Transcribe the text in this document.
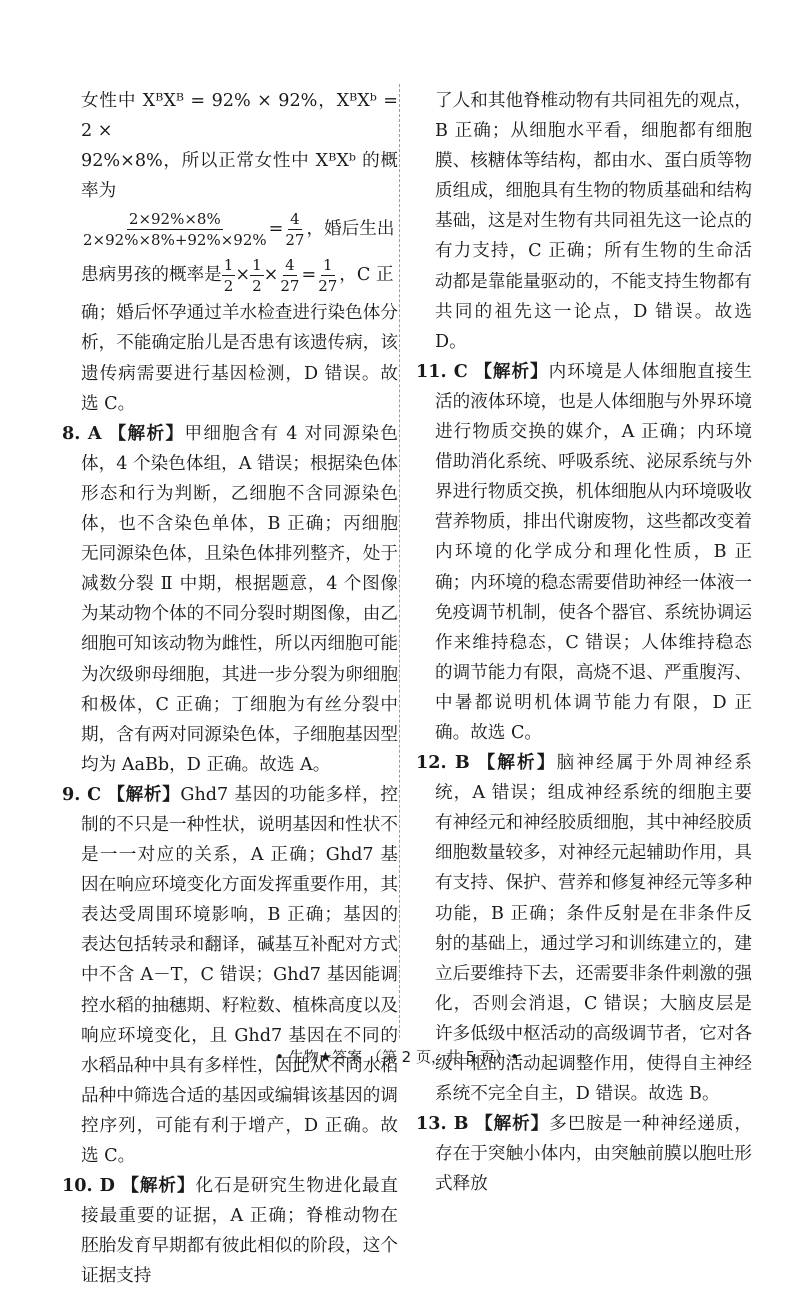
女性中 XᴮXᴮ = 92% × 92%，XᴮXᵇ = 2 ×

92%×8%，所以正常女性中 XᴮXᵇ 的概率为

$\frac{2\times 92\%\times 8\%}{2\times 92\%\times 8\%+92\%\times 92\%} = \frac{4}{27}$ ，婚后生出
患病男孩的概率是 $\frac{1}{2} \times \frac{1}{2} \times \frac{4}{27} = \frac{1}{27}$ ，C 正

确；婚后怀孕通过羊水检查进行染色体分析，不能确定胎儿是否患有该遗传病，该遗传病需要进行基因检测，D 错误。故选 C。

8. A 【解析】甲细胞含有 4 对同源染色体，4 个染色体组，A 错误；根据染色体形态和行为判断，乙细胞不含同源染色体，也不含染色单体，B 正确；丙细胞无同源染色体，且染色体排列整齐，处于减数分裂 Ⅱ 中期，根据题意，4 个图像为某动物个体的不同分裂时期图像，由乙细胞可知该动物为雌性，所以丙细胞可能为次级卵母细胞，其进一步分裂为卵细胞和极体，C 正确；丁细胞为有丝分裂中期，含有两对同源染色体，子细胞基因型均为 AaBb，D 正确。故选 A。

9. C 【解析】Ghd7 基因的功能多样，控制的不只是一种性状，说明基因和性状不是一一对应的关系，A 正确；Ghd7 基因在响应环境变化方面发挥重要作用，其表达受周围环境影响，B 正确；基因的表达包括转录和翻译，碱基互补配对方式中不含 A－T，C 错误；Ghd7 基因能调控水稻的抽穗期、籽粒数、植株高度以及响应环境变化，且 Ghd7 基因在不同的水稻品种中具有多样性，因此从不同水稻品种中筛选合适的基因或编辑该基因的调控序列，可能有利于增产，D 正确。故选 C。

10. D 【解析】化石是研究生物进化最直接最重要的证据，A 正确；脊椎动物在胚胎发育早期都有彼此相似的阶段，这个证据支持

了人和其他脊椎动物有共同祖先的观点，B 正确；从细胞水平看，细胞都有细胞膜、核糖体等结构，都由水、蛋白质等物质组成，细胞具有生物的物质基础和结构基础，这是对生物有共同祖先这一论点的有力支持，C 正确；所有生物的生命活动都是靠能量驱动的，不能支持生物都有共同的祖先这一论点，D 错误。故选 D。

11. C 【解析】内环境是人体细胞直接生活的液体环境，也是人体细胞与外界环境进行物质交换的媒介，A 正确；内环境借助消化系统、呼吸系统、泌尿系统与外界进行物质交换，机体细胞从内环境吸收营养物质，排出代谢废物，这些都改变着内环境的化学成分和理化性质，B 正确；内环境的稳态需要借助神经一体液一免疫调节机制，使各个器官、系统协调运作来维持稳态，C 错误；人体维持稳态的调节能力有限，高烧不退、严重腹泻、中暑都说明机体调节能力有限，D 正确。故选 C。

12. B 【解析】脑神经属于外周神经系统，A 错误；组成神经系统的细胞主要有神经元和神经胶质细胞，其中神经胶质细胞数量较多，对神经元起辅助作用，具有支持、保护、营养和修复神经元等多种功能，B 正确；条件反射是在非条件反射的基础上，通过学习和训练建立的，建立后要维持下去，还需要非条件刺激的强化，否则会消退，C 错误；大脑皮层是许多低级中枢活动的高级调节者，它对各级中枢的活动起调整作用，使得自主神经系统不完全自主，D 错误。故选 B。

13. B 【解析】多巴胺是一种神经递质，存在于突触小体内，由突触前膜以胞吐形式释放

• 生物★答案 （第 2 页，共 5 页）•
